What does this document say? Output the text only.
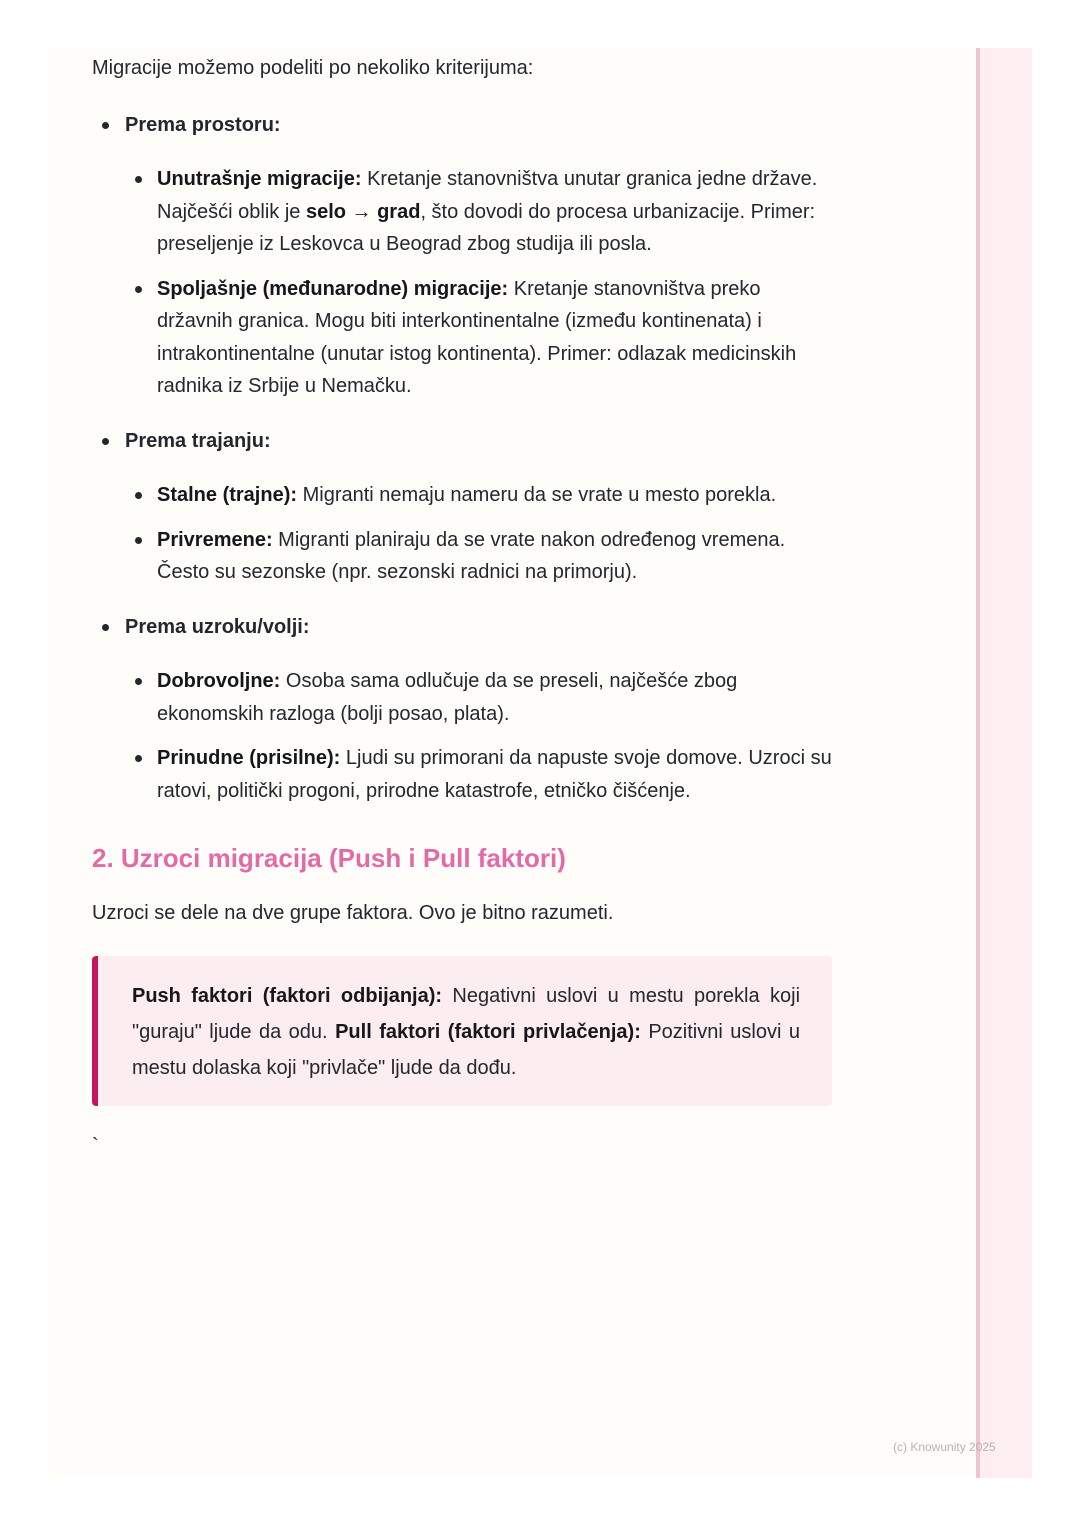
Migracije možemo podeliti po nekoliko kriterijuma:

Prema prostoru:
Unutrašnje migracije: Kretanje stanovništva unutar granica jedne države. Najčešći oblik je selo → grad, što dovodi do procesa urbanizacije. Primer: preseljenje iz Leskovca u Beograd zbog studija ili posla.
Spoljašnje (međunarodne) migracije: Kretanje stanovništva preko državnih granica. Mogu biti interkontinentalne (između kontinenata) i intrakontinentalne (unutar istog kontinenta). Primer: odlazak medicinskih radnika iz Srbije u Nemačku.
Prema trajanju:
Stalne (trajne): Migranti nemaju nameru da se vrate u mesto porekla.
Privremene: Migranti planiraju da se vrate nakon određenog vremena. Često su sezonske (npr. sezonski radnici na primorju).
Prema uzroku/volji:
Dobrovoljne: Osoba sama odlučuje da se preseli, najčešće zbog ekonomskih razloga (bolji posao, plata).
Prinudne (prisilne): Ljudi su primorani da napuste svoje domove. Uzroci su ratovi, politički progoni, prirodne katastrofe, etničko čišćenje.
2. Uzroci migracija (Push i Pull faktori)

Uzroci se dele na dve grupe faktora. Ovo je bitno razumeti.

Push faktori (faktori odbijanja): Negativni uslovi u mestu porekla koji "guraju" ljude da odu. Pull faktori (faktori privlačenja): Pozitivni uslovi u mestu dolaska koji "privlače" ljude da dođu.

`

(c) Knowunity 2025
